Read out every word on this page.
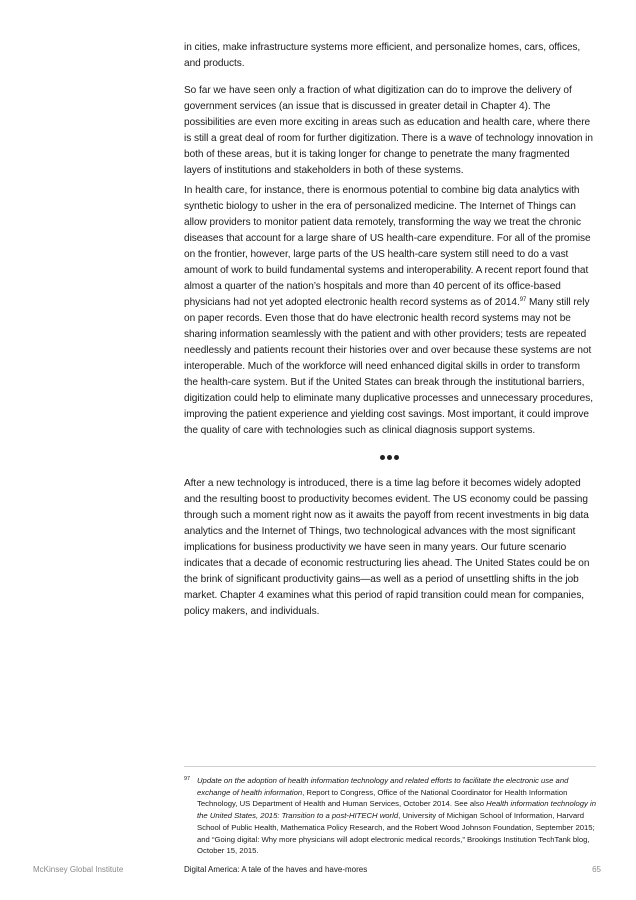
in cities, make infrastructure systems more efficient, and personalize homes, cars, offices, and products.

So far we have seen only a fraction of what digitization can do to improve the delivery of government services (an issue that is discussed in greater detail in Chapter 4). The possibilities are even more exciting in areas such as education and health care, where there is still a great deal of room for further digitization. There is a wave of technology innovation in both of these areas, but it is taking longer for change to penetrate the many fragmented layers of institutions and stakeholders in both of these systems.

In health care, for instance, there is enormous potential to combine big data analytics with synthetic biology to usher in the era of personalized medicine. The Internet of Things can allow providers to monitor patient data remotely, transforming the way we treat the chronic diseases that account for a large share of US health-care expenditure. For all of the promise on the frontier, however, large parts of the US health-care system still need to do a vast amount of work to build fundamental systems and interoperability. A recent report found that almost a quarter of the nation’s hospitals and more than 40 percent of its office-based physicians had not yet adopted electronic health record systems as of 2014.97 Many still rely on paper records. Even those that do have electronic health record systems may not be sharing information seamlessly with the patient and with other providers; tests are repeated needlessly and patients recount their histories over and over because these systems are not interoperable. Much of the workforce will need enhanced digital skills in order to transform the health-care system. But if the United States can break through the institutional barriers, digitization could help to eliminate many duplicative processes and unnecessary procedures, improving the patient experience and yielding cost savings. Most important, it could improve the quality of care with technologies such as clinical diagnosis support systems.

After a new technology is introduced, there is a time lag before it becomes widely adopted and the resulting boost to productivity becomes evident. The US economy could be passing through such a moment right now as it awaits the payoff from recent investments in big data analytics and the Internet of Things, two technological advances with the most significant implications for business productivity we have seen in many years. Our future scenario indicates that a decade of economic restructuring lies ahead. The United States could be on the brink of significant productivity gains—as well as a period of unsettling shifts in the job market. Chapter 4 examines what this period of rapid transition could mean for companies, policy makers, and individuals.

97 Update on the adoption of health information technology and related efforts to facilitate the electronic use and exchange of health information, Report to Congress, Office of the National Coordinator for Health Information Technology, US Department of Health and Human Services, October 2014. See also Health information technology in the United States, 2015: Transition to a post-HITECH world, University of Michigan School of Information, Harvard School of Public Health, Mathematica Policy Research, and the Robert Wood Johnson Foundation, September 2015; and “Going digital: Why more physicians will adopt electronic medical records,” Brookings Institution TechTank blog, October 15, 2015.
McKinsey Global Institute	Digital America: A tale of the haves and have-mores	65
